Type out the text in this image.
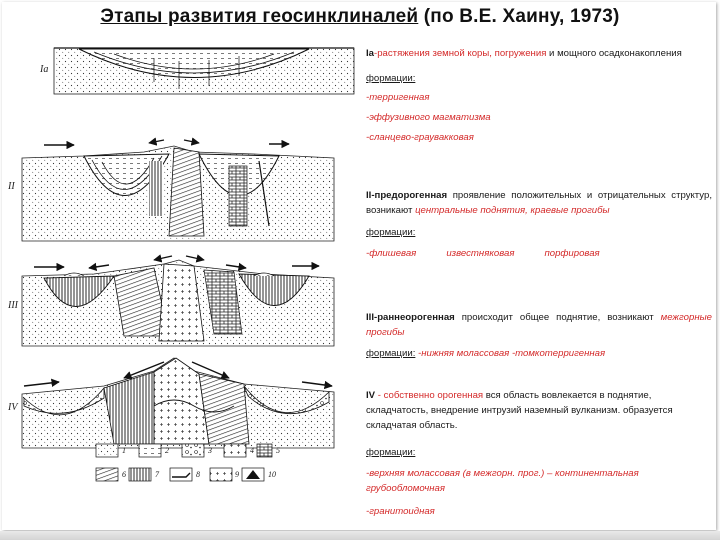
Этапы развития геосинклиналей (по В.Е. Хаину, 1973)
Ia
II
III
IV
1	2	3	4	5
6	7	8	9	10
Ia-растяжения земной коры, погружения и мощного осадконакопления
формации:
-терригенная
-эффузивного магматизма
-сланцево-граувакковая
II-предорогенная проявление положительных и отрицательных структур, возникают центральные поднятия, краевые прогибы
формации:
-флишевая	известняковая	порфировая
III-раннеорогенная происходит общее поднятие, возникают межгорные прогибы
формации: -нижняя молассовая -томкотерригенная
IV - собственно орогенная вся область вовлекается в поднятие, складчатость, внедрение интрузий наземный вулканизм. образуется складчатая область.
формации:
-верхняя молассовая (в межгорн. прог.) – континентальная грубообломочная
-гранитоидная
